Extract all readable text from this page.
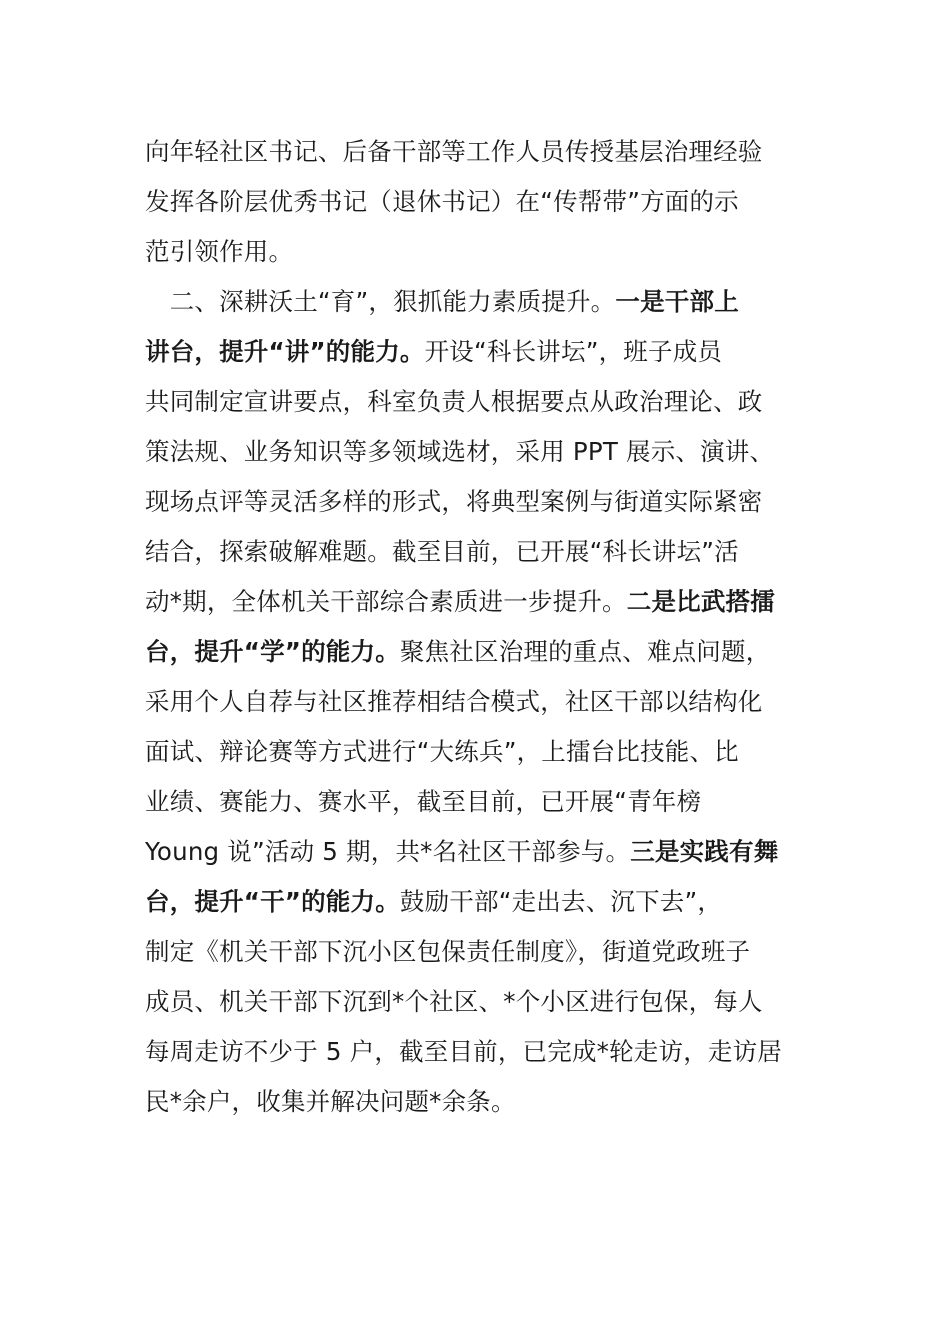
向年轻社区书记、后备干部等工作人员传授基层治理经验
发挥各阶层优秀书记（退休书记）在“传帮带”方面的示
范引领作用。
　二、深耕沃土“育”，狠抓能力素质提升。一是干部上
讲台，提升“讲”的能力。开设“科长讲坛”，班子成员
共同制定宣讲要点，科室负责人根据要点从政治理论、政
策法规、业务知识等多领域选材，采用 PPT 展示、演讲、
现场点评等灵活多样的形式，将典型案例与街道实际紧密
结合，探索破解难题。截至目前，已开展“科长讲坛”活
动*期，全体机关干部综合素质进一步提升。二是比武搭擂
台，提升“学”的能力。聚焦社区治理的重点、难点问题，
采用个人自荐与社区推荐相结合模式，社区干部以结构化
面试、辩论赛等方式进行“大练兵”，上擂台比技能、比
业绩、赛能力、赛水平，截至目前，已开展“青年榜
Young 说”活动 5 期，共*名社区干部参与。三是实践有舞
台，提升“干”的能力。鼓励干部“走出去、沉下去”，
制定《机关干部下沉小区包保责任制度》，街道党政班子
成员、机关干部下沉到*个社区、*个小区进行包保，每人
每周走访不少于 5 户，截至目前，已完成*轮走访，走访居
民*余户，收集并解决问题*余条。
